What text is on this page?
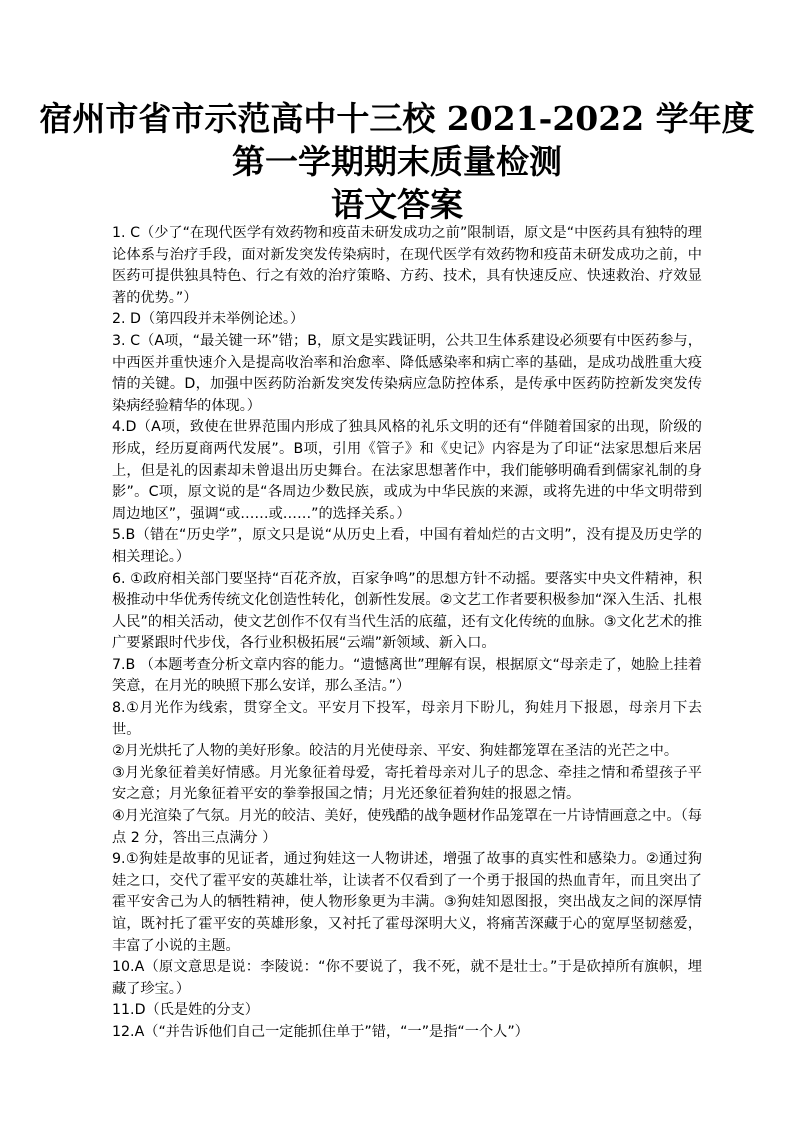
宿州市省市示范高中十三校 2021-2022 学年度
第一学期期末质量检测
语文答案

1. C（少了“在现代医学有效药物和疫苗未研发成功之前”限制语，原文是“中医药具有独特的理论体系与治疗手段，面对新发突发传染病时，在现代医学有效药物和疫苗未研发成功之前，中医药可提供独具特色、行之有效的治疗策略、方药、技术，具有快速反应、快速救治、疗效显著的优势。”）

2. D（第四段并未举例论述。）

3. C（A项，“最关键一环”错；B，原文是实践证明，公共卫生体系建设必须要有中医药参与，中西医并重快速介入是提高收治率和治愈率、降低感染率和病亡率的基础，是成功战胜重大疫情的关键。D，加强中医药防治新发突发传染病应急防控体系，是传承中医药防控新发突发传染病经验精华的体现。）

4.D（A项，致使在世界范围内形成了独具风格的礼乐文明的还有“伴随着国家的出现，阶级的形成，经历夏商两代发展”。B项，引用《管子》和《史记》内容是为了印证“法家思想后来居上，但是礼的因素却未曾退出历史舞台。在法家思想著作中，我们能够明确看到儒家礼制的身影”。C项，原文说的是“各周边少数民族，或成为中华民族的来源，或将先进的中华文明带到周边地区”，强调“或……或……”的选择关系。）

5.B（错在“历史学”，原文只是说“从历史上看，中国有着灿烂的古文明”，没有提及历史学的相关理论。）

6. ①政府相关部门要坚持“百花齐放，百家争鸣”的思想方针不动摇。要落实中央文件精神，积极推动中华优秀传统文化创造性转化，创新性发展。②文艺工作者要积极参加“深入生活、扎根人民”的相关活动，使文艺创作不仅有当代生活的底蕴，还有文化传统的血脉。③文化艺术的推广要紧跟时代步伐，各行业积极拓展“云端”新领域、新入口。

7.B （本题考查分析文章内容的能力。“遗憾离世”理解有误，根据原文“母亲走了，她脸上挂着笑意，在月光的映照下那么安详，那么圣洁。”）

8.①月光作为线索，贯穿全文。平安月下投军，母亲月下盼儿，狗娃月下报恩，母亲月下去世。

②月光烘托了人物的美好形象。皎洁的月光使母亲、平安、狗娃都笼罩在圣洁的光芒之中。

③月光象征着美好情感。月光象征着母爱，寄托着母亲对儿子的思念、牵挂之情和希望孩子平安之意；月光象征着平安的拳拳报国之情；月光还象征着狗娃的报恩之情。

④月光渲染了气氛。月光的皎洁、美好，使残酷的战争题材作品笼罩在一片诗情画意之中。（每点 2 分，答出三点满分 ）

9.①狗娃是故事的见证者，通过狗娃这一人物讲述，增强了故事的真实性和感染力。②通过狗娃之口，交代了霍平安的英雄壮举，让读者不仅看到了一个勇于报国的热血青年，而且突出了霍平安舍己为人的牺牲精神，使人物形象更为丰满。③狗娃知恩图报，突出战友之间的深厚情谊，既衬托了霍平安的英雄形象，又衬托了霍母深明大义，将痛苦深藏于心的宽厚坚韧慈爱，丰富了小说的主题。

10.A（原文意思是说：李陵说：“你不要说了，我不死，就不是壮士。”于是砍掉所有旗帜，埋藏了珍宝。）

11.D（氏是姓的分支）

12.A（“并告诉他们自己一定能抓住单于”错，“一”是指“一个人”）
